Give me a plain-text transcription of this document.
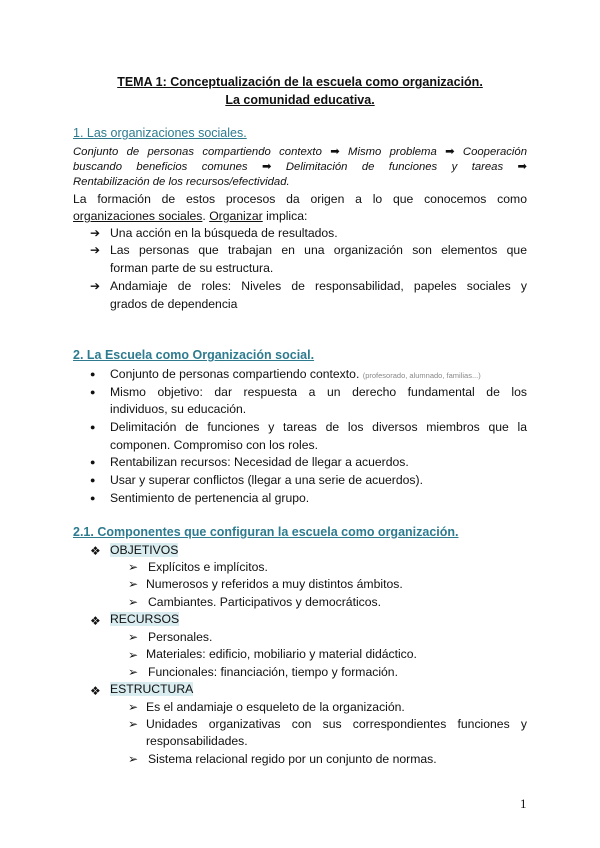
TEMA 1: Conceptualización de la escuela como organización.
La comunidad educativa.
1. Las organizaciones sociales.
Conjunto de personas compartiendo contexto ➡ Mismo problema ➡ Cooperación
buscando beneficios comunes ➡ Delimitación de funciones y tareas ➡
Rentabilización de los recursos/efectividad.
La formación de estos procesos da origen a lo que conocemos como
organizaciones sociales. Organizar implica:
➔ Una acción en la búsqueda de resultados.
➔ Las personas que trabajan en una organización son elementos que
forman parte de su estructura.
➔ Andamiaje de roles: Niveles de responsabilidad, papeles sociales y
grados de dependencia
2. La Escuela como Organización social.
● Conjunto de personas compartiendo contexto. (profesorado, alumnado, familias...)
● Mismo objetivo: dar respuesta a un derecho fundamental de los
individuos, su educación.
● Delimitación de funciones y tareas de los diversos miembros que la
componen. Compromiso con los roles.
● Rentabilizan recursos: Necesidad de llegar a acuerdos.
● Usar y superar conflictos (llegar a una serie de acuerdos).
● Sentimiento de pertenencia al grupo.
2.1. Componentes que configuran la escuela como organización.
❖ OBJETIVOS
➢ Explícitos e implícitos.
➢ Numerosos y referidos a muy distintos ámbitos.
➢ Cambiantes. Participativos y democráticos.
❖ RECURSOS
➢ Personales.
➢ Materiales: edificio, mobiliario y material didáctico.
➢ Funcionales: financiación, tiempo y formación.
❖ ESTRUCTURA
➢ Es el andamiaje o esqueleto de la organización.
➢ Unidades organizativas con sus correspondientes funciones y
responsabilidades.
➢ Sistema relacional regido por un conjunto de normas.
1
